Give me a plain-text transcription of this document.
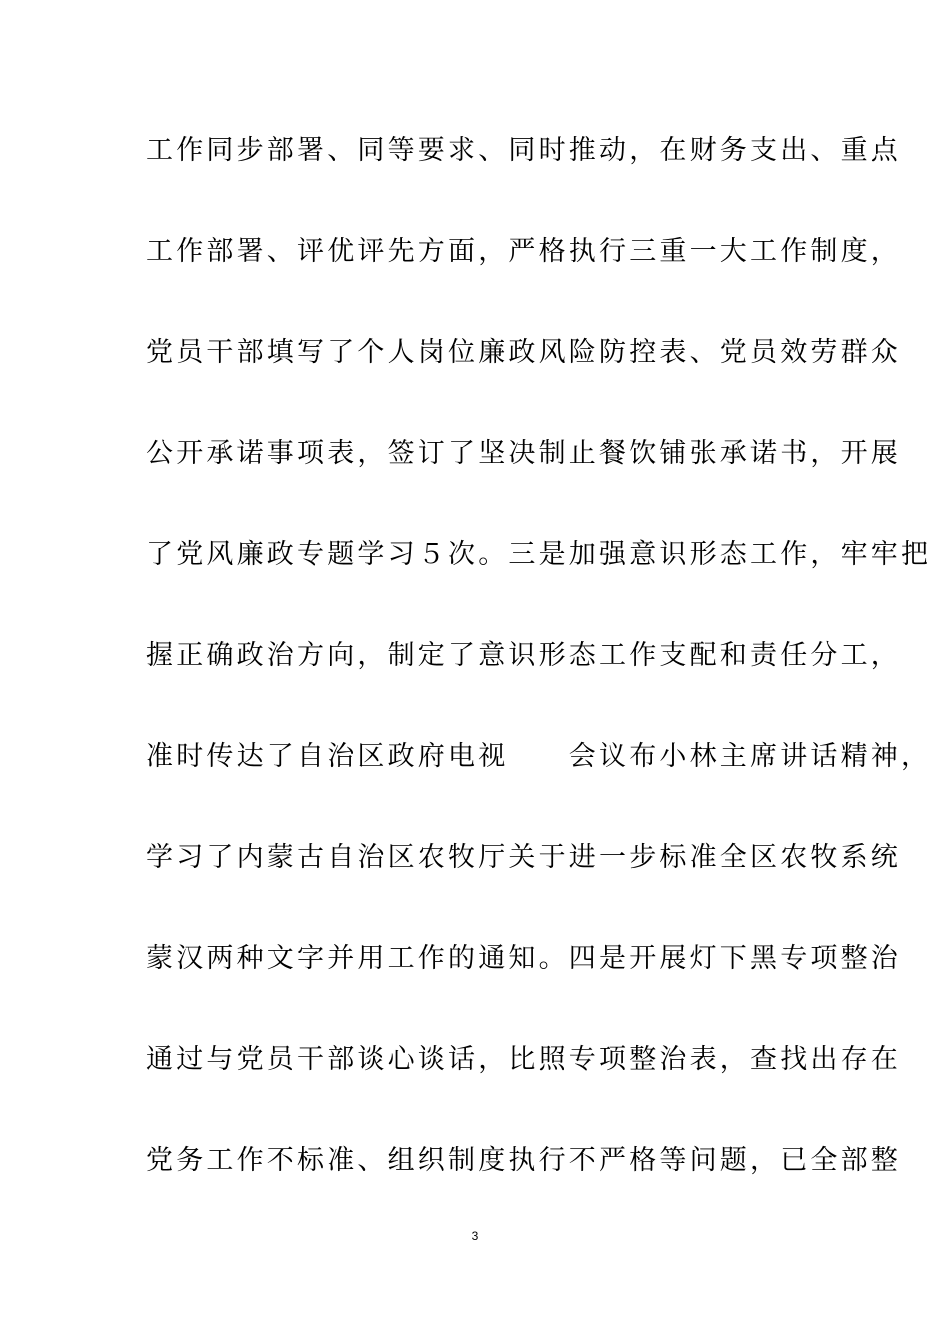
工作同步部署、同等要求、同时推动，在财务支出、重点
工作部署、评优评先方面，严格执行三重一大工作制度，
党员干部填写了个人岗位廉政风险防控表、党员效劳群众
公开承诺事项表，签订了坚决制止餐饮铺张承诺书，开展
了党风廉政专题学习５次。三是加强意识形态工作，牢牢把
握正确政治方向，制定了意识形态工作支配和责任分工，
准时传达了自治区政府电视　　会议布小林主席讲话精神，
学习了内蒙古自治区农牧厅关于进一步标准全区农牧系统
蒙汉两种文字并用工作的通知。四是开展灯下黑专项整治
通过与党员干部谈心谈话，比照专项整治表，查找出存在
党务工作不标准、组织制度执行不严格等问题，已全部整
3
